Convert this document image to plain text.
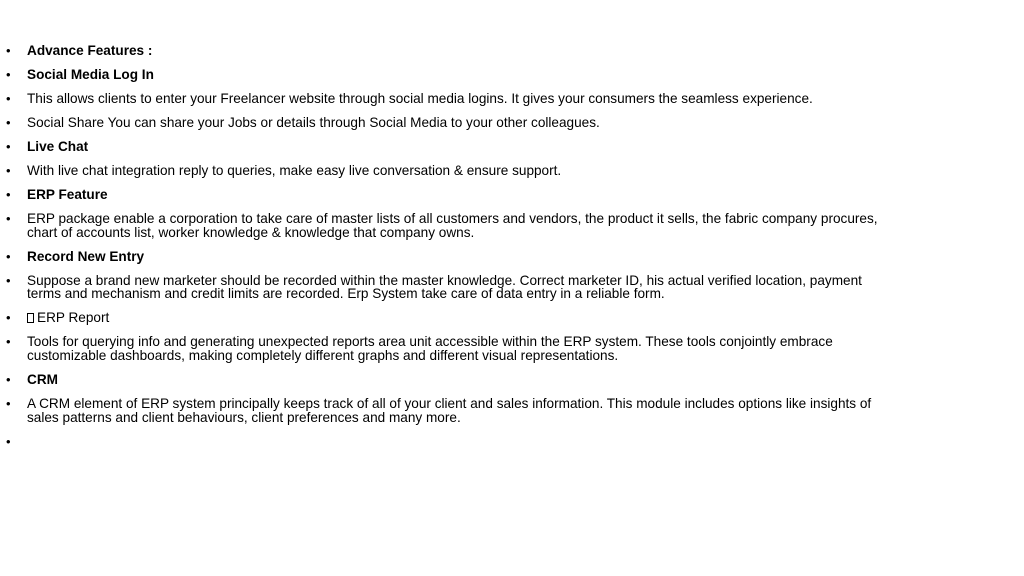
•	Advance Features :
•	Social Media Log In
•	This allows clients to enter your Freelancer website through social media logins. It gives your consumers the seamless experience.
•	Social Share You can share your Jobs or details through Social Media to your other colleagues.
•	Live Chat
•	With live chat integration reply to queries, make easy live conversation & ensure support.
•	ERP Feature
•	ERP package enable a corporation to take care of master lists of all customers and vendors, the product it sells, the fabric company procures, chart of accounts list, worker knowledge & knowledge that company owns.
•	Record New Entry
•	Suppose a brand new marketer should be recorded within the master knowledge. Correct marketer ID, his actual verified location, payment terms and mechanism and credit limits are recorded. Erp System take care of data entry in a reliable form.
•	ERP Report
•	Tools for querying info and generating unexpected reports area unit accessible within the ERP system. These tools conjointly embrace customizable dashboards, making completely different graphs and different visual representations.
•	CRM
•	A CRM element of ERP system principally keeps track of all of your client and sales information. This module includes options like insights of sales patterns and client behaviours, client preferences and many more.
•
